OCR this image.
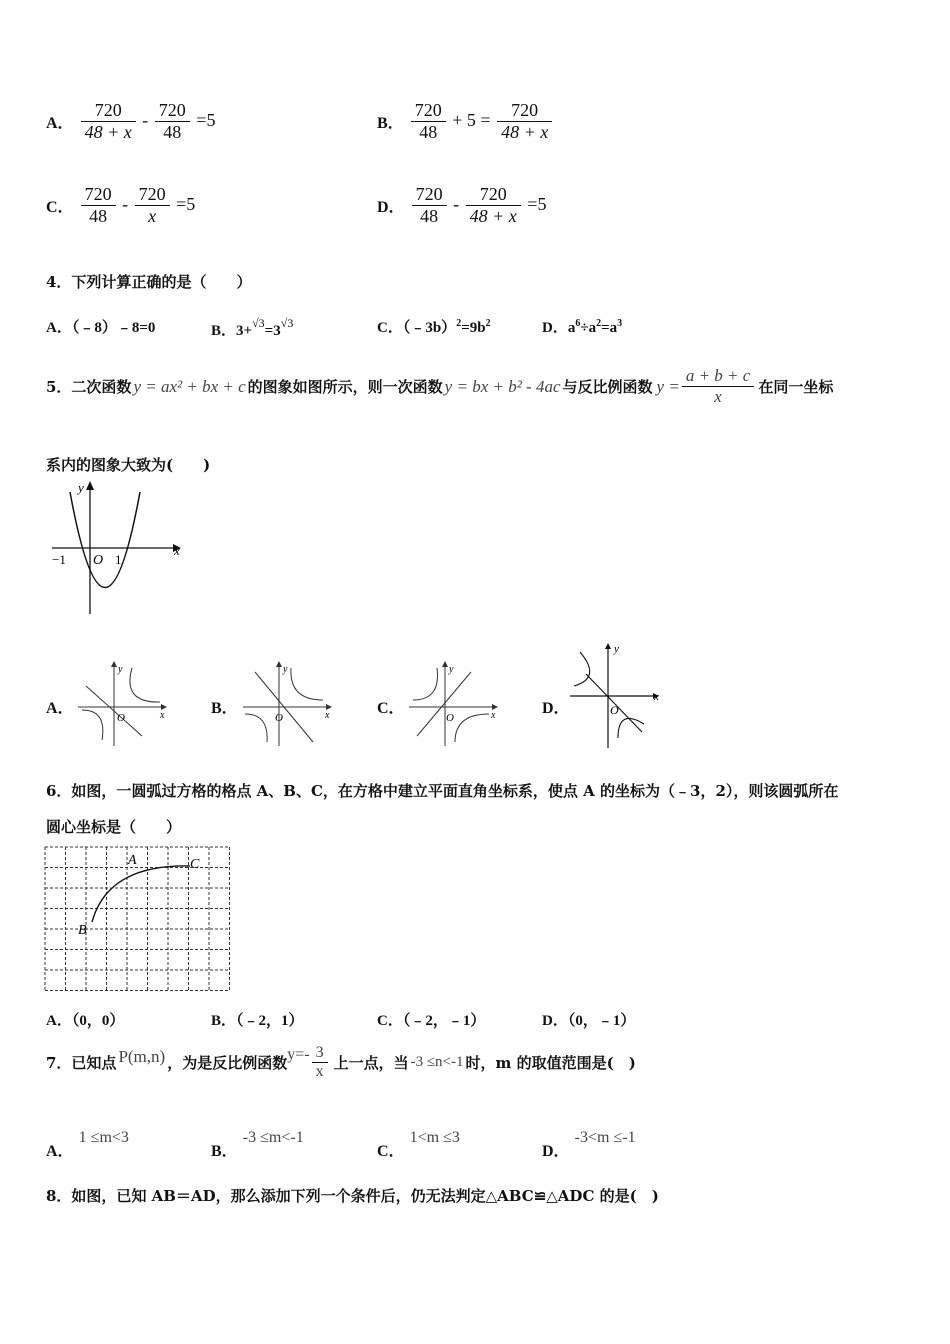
A． $\frac{720}{48 + x} - \frac{720}{48} =5$	B． $\frac{720}{48} + 5 = \frac{720}{48 + x}$
C． $\frac{720}{48} - \frac{720}{x} =5$	D． $\frac{720}{48} - \frac{720}{48 + x} =5$
4．下列计算正确的是（　　）
A．（﹣8）﹣8=0	B．$3+^{√3}=3^{√3}$	C．$(﹣3b)^2=9b^2$	D．$a^6\div a^2=a^3$
5．二次函数 y = ax² + bx + c 的图象如图所示，则一次函数 y = bx + b² - 4ac 与反比例函数 $y = \frac{a + b + c}{x}$ 在同一坐标
系内的图象大致为(　　)
y
x
O
−1	1
A．
y
x
O
B．
y
x
O
C．
y
x
O
D．
y
x
O
6．如图，一圆弧过方格的格点 A、B、C，在方格中建立平面直角坐标系，使点 A 的坐标为（﹣3，2），则该圆弧所在
圆心坐标是（　　）
A
B
C
A．（0，0）	B．（﹣2，1）	C．（﹣2，﹣1）	D．（0，﹣1）
7．已知点 P(m,n) ，为是反比例函数 $y=- \frac{3}{x}$ 上一点，当 -3 ≤n<-1 时，m 的取值范围是(　)
A． 1 ≤m<3
B． -3 ≤m<-1
C． 1<m ≤3
D． -3<m ≤-1
8．如图，已知 AB＝AD，那么添加下列一个条件后，仍无法判定△ABC≌△ADC 的是(　)
